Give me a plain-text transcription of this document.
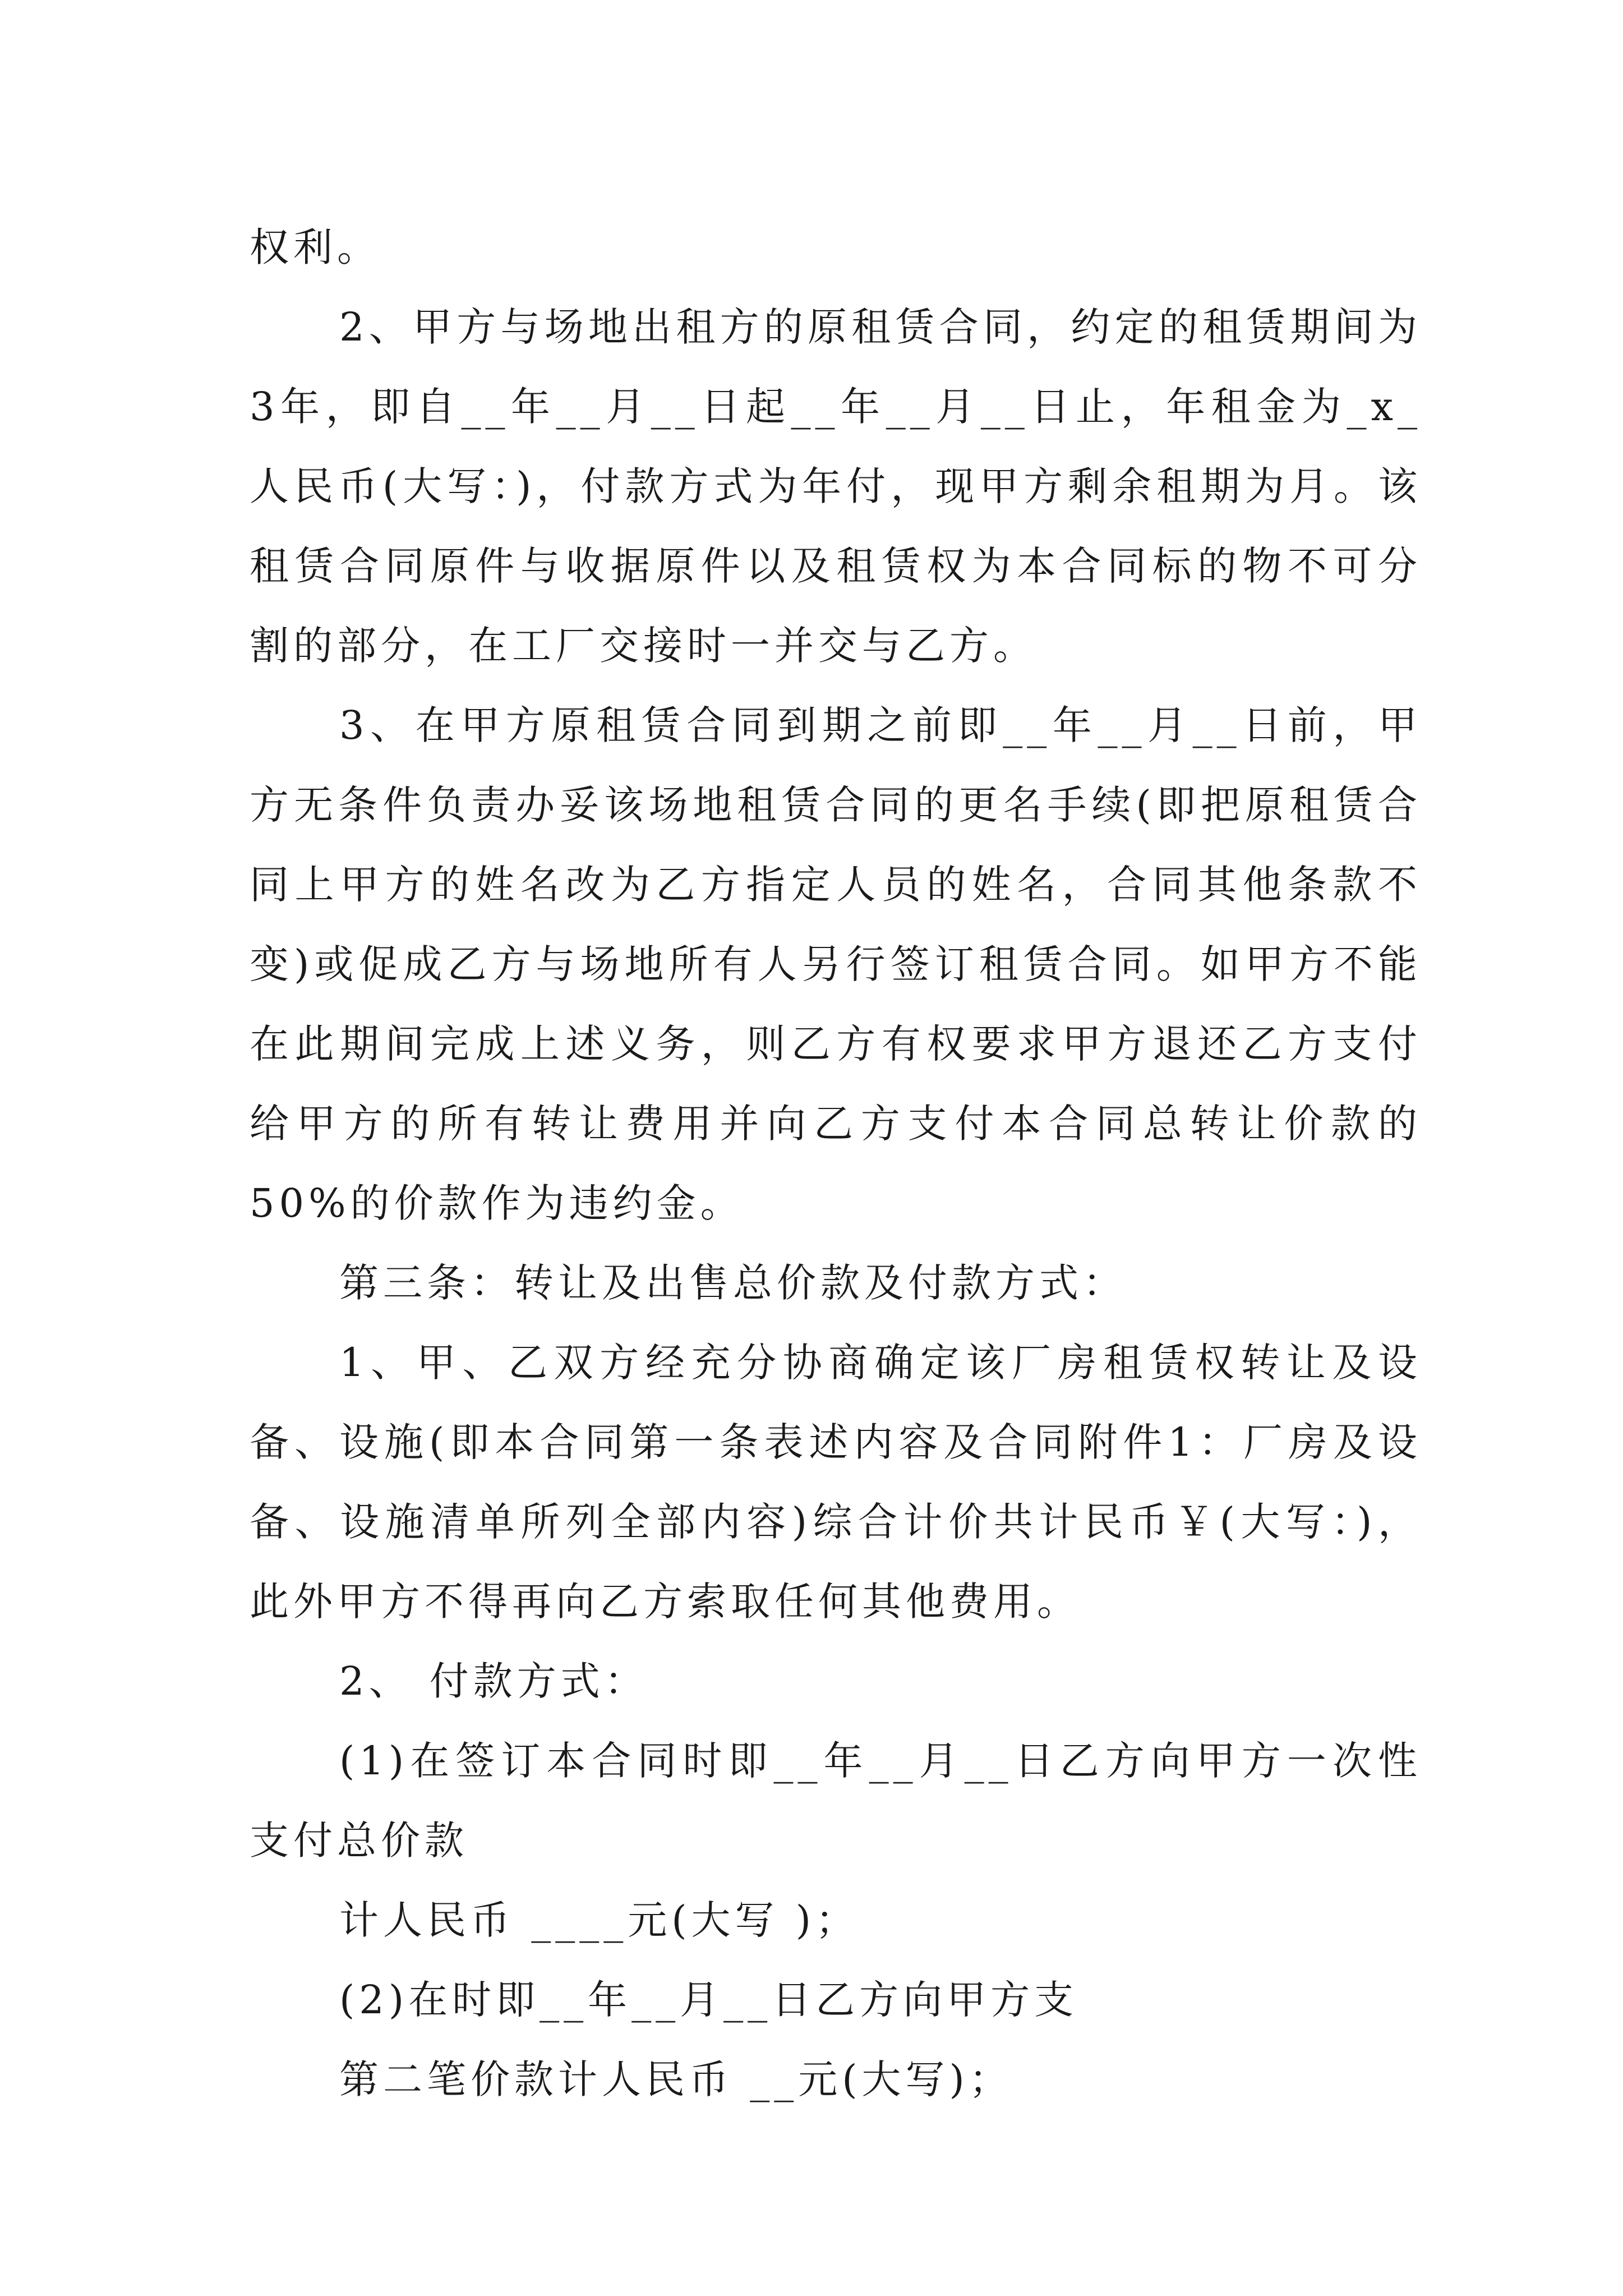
权利。

2、甲方与场地出租方的原租赁合同，约定的租赁期间为3年，即自__年__月__日起__年__月__日止，年租金为_x_人民币(大写：)，付款方式为年付，现甲方剩余租期为月。该租赁合同原件与收据原件以及租赁权为本合同标的物不可分割的部分，在工厂交接时一并交与乙方。

3、在甲方原租赁合同到期之前即__年__月__日前，甲方无条件负责办妥该场地租赁合同的更名手续(即把原租赁合同上甲方的姓名改为乙方指定人员的姓名，合同其他条款不变)或促成乙方与场地所有人另行签订租赁合同。如甲方不能在此期间完成上述义务，则乙方有权要求甲方退还乙方支付给甲方的所有转让费用并向乙方支付本合同总转让价款的50%的价款作为违约金。

第三条：转让及出售总价款及付款方式：

1、甲、乙双方经充分协商确定该厂房租赁权转让及设备、设施(即本合同第一条表述内容及合同附件1：厂房及设备、设施清单所列全部内容)综合计价共计民币￥(大写：)，此外甲方不得再向乙方索取任何其他费用。

2、 付款方式：

(1)在签订本合同时即__年__月__日乙方向甲方一次性支付总价款

计人民币 ____元(大写 )；

(2)在时即__年__月__日乙方向甲方支

第二笔价款计人民币 __元(大写)；
